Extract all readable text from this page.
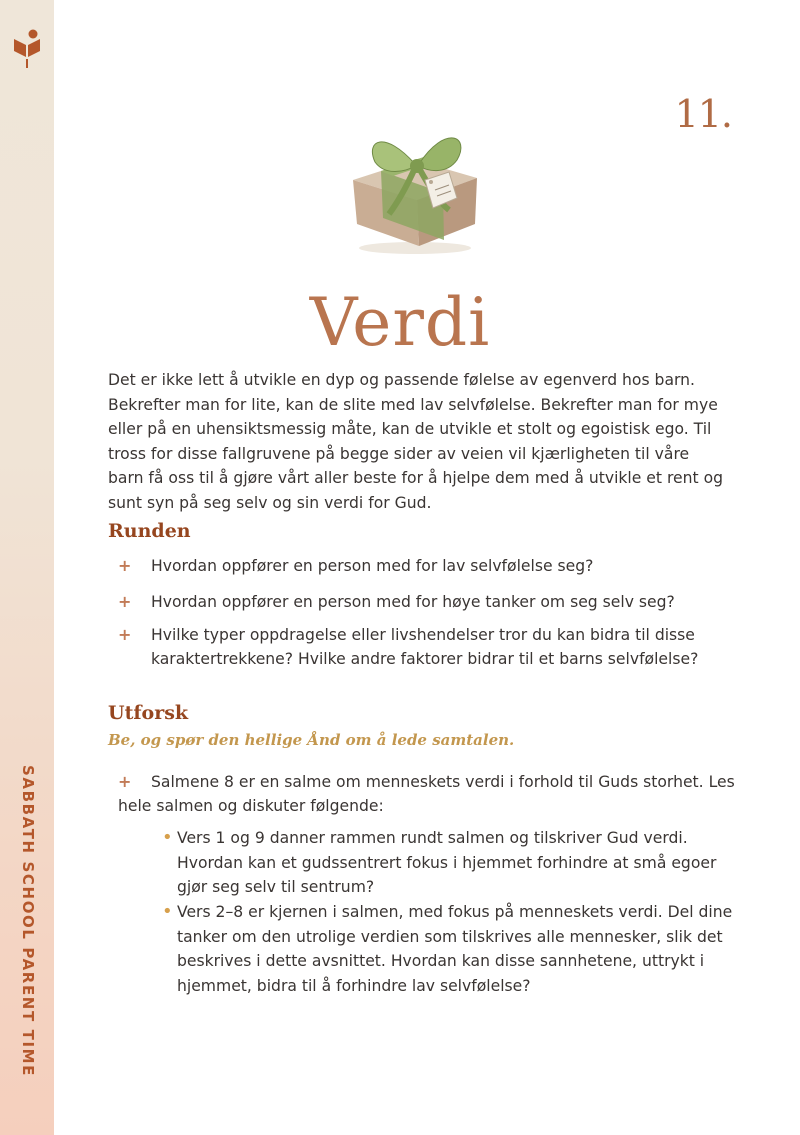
SABBATH SCHOOL PARENT TIME
11.
Verdi

Det er ikke lett å utvikle en dyp og passende følelse av egenverd hos barn. Bekrefter man for lite, kan de slite med lav selvfølelse. Bekrefter man for mye eller på en uhensiktsmessig måte, kan de utvikle et stolt og egoistisk ego. Til tross for disse fallgruvene på begge sider av veien vil kjærligheten til våre barn få oss til å gjøre vårt aller beste for å hjelpe dem med å utvikle et rent og sunt syn på seg selv og sin verdi for Gud.

Runden
+	Hvordan oppfører en person med for lav selvfølelse seg?
+	Hvordan oppfører en person med for høye tanker om seg selv seg?
+	Hvilke typer oppdragelse eller livshendelser tror du kan bidra til disse karaktertrekkene? Hvilke andre faktorer bidrar til et barns selvfølelse?
Utforsk

Be, og spør den hellige Ånd om å lede samtalen.

+ Salmene 8 er en salme om menneskets verdi i forhold til Guds storhet. Les hele salmen og diskuter følgende:
• Vers 1 og 9 danner rammen rundt salmen og tilskriver Gud verdi. Hvordan kan et gudssentrert fokus i hjemmet forhindre at små egoer gjør seg selv til sentrum?
• Vers 2–8 er kjernen i salmen, med fokus på menneskets verdi. Del dine tanker om den utrolige verdien som tilskrives alle mennesker, slik det beskrives i dette avsnittet. Hvordan kan disse sannhetene, uttrykt i hjemmet, bidra til å forhindre lav selvfølelse?
